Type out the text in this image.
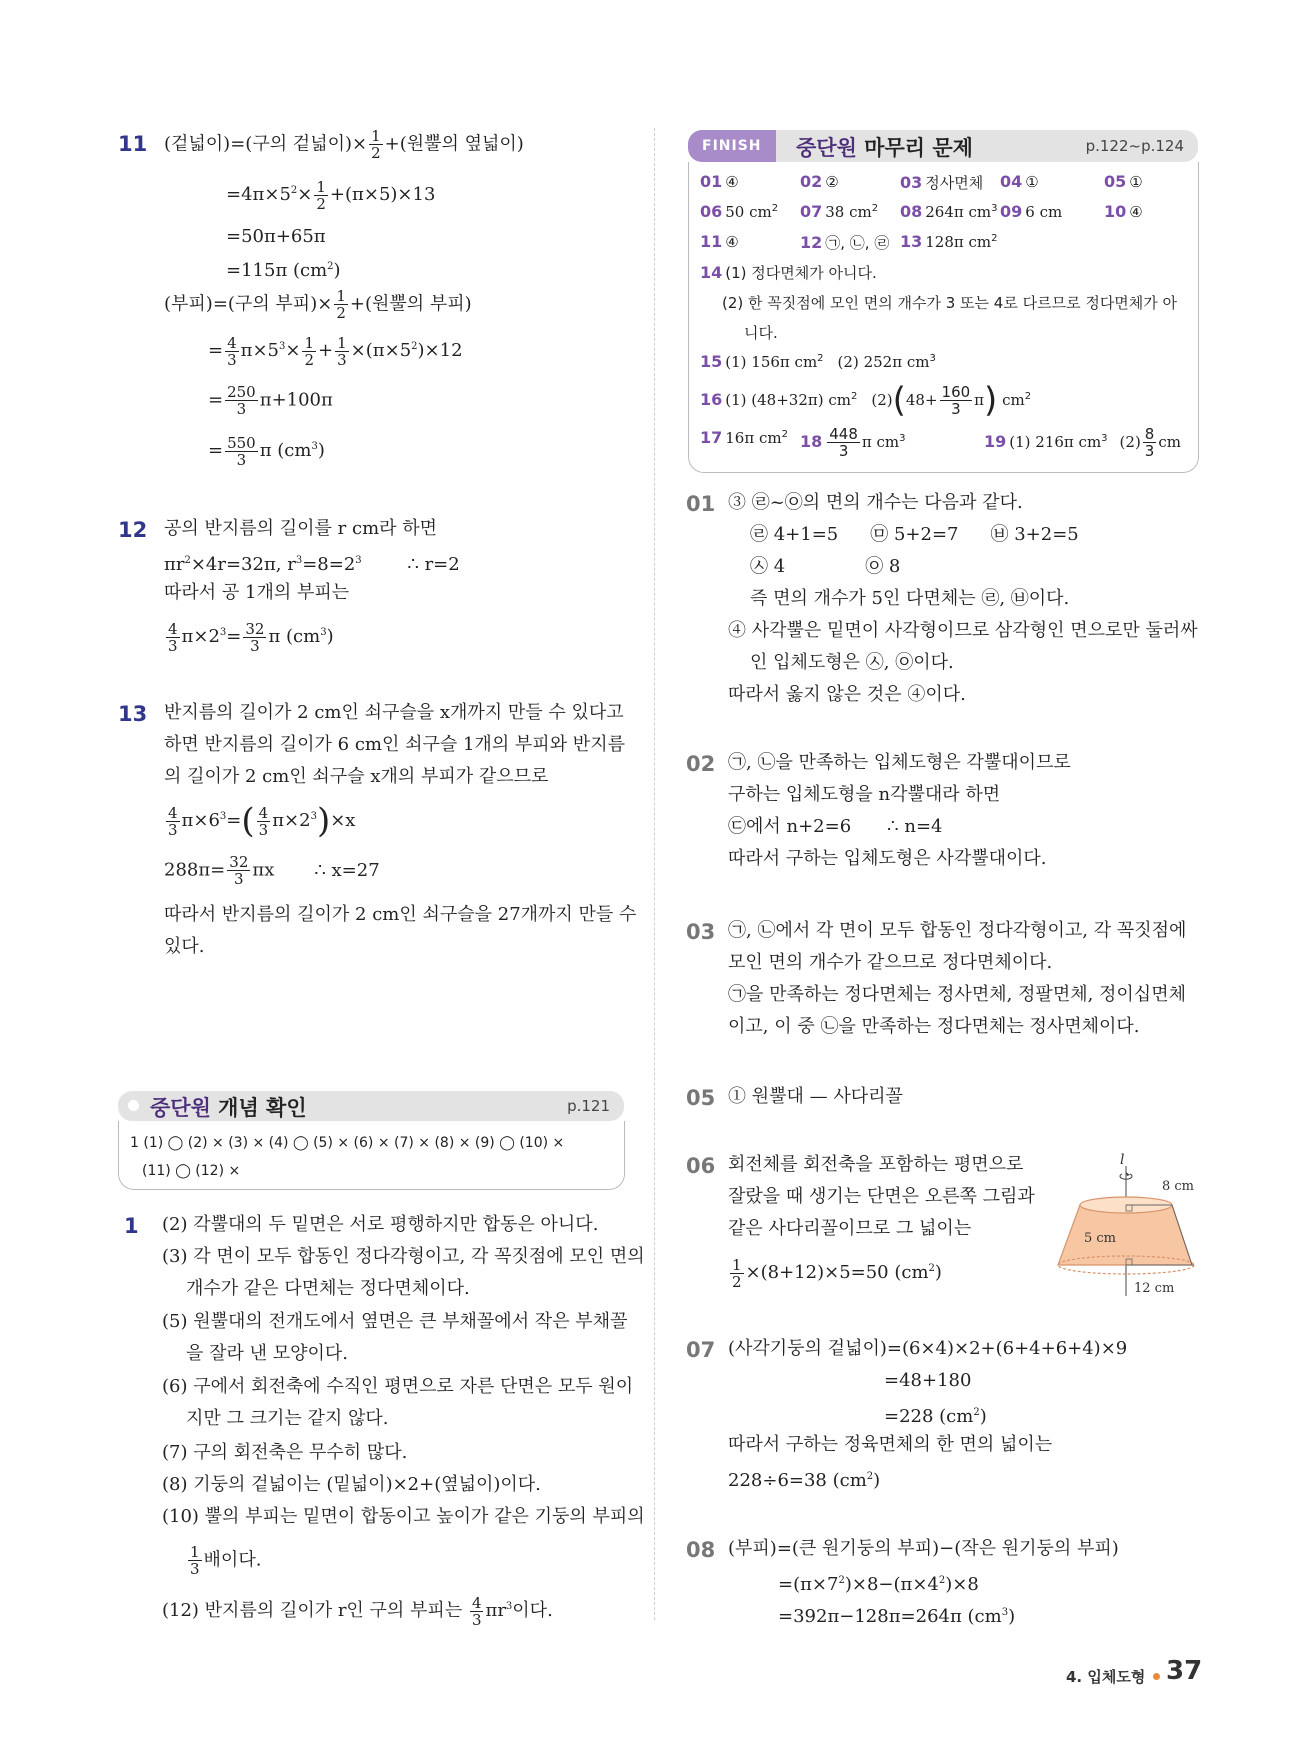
11 (겉넓이)=(구의 겉넓이)× $\frac{1}{2}$ +(원뿔의 옆넓이)
$=4\pi\times 5^2\times \frac{1}{2} +(\pi\times 5)\times 13$
=50π+65π
=115π $(cm^2)$
(부피)=(구의 부피)× $\frac{1}{2}$ +(원뿔의 부피)
= $\frac{4}{3} \pi\times 5^3\times \frac{1}{2} + \frac{1}{3} \times(\pi\times 5^2)\times 12$
= $\frac{250}{3} \pi+100\pi$
= $\frac{550}{3}$ π $(cm^3)$
12 공의 반지름의 길이를 r cm라 하면
$\pi r^2\times 4r=32\pi$, $r^3=8=2^3$	∴ r=2
따라서 공 1개의 부피는
$\frac{4}{3} \pi\times 2^3= \frac{32}{3}$ π $(cm^3)$
13 반지름의 길이가 2 cm인 쇠구슬을 x개까지 만들 수 있다고
하면 반지름의 길이가 6 cm인 쇠구슬 1개의 부피와 반지름
의 길이가 2 cm인 쇠구슬 x개의 부피가 같으므로
$\frac{4}{3} \pi\times 6^3=( \frac{4}{3} \pi\times 2^3)\times x$
$288\pi= \frac{32}{3}$ πx ∴ x=27
따라서 반지름의 길이가 2 cm인 쇠구슬을 27개까지 만들 수
있다.
중단원 개념 확인	p.121
1 (1) ◯ (2) × (3) × (4) ◯ (5) × (6) × (7) × (8) × (9) ◯ (10) ×
(11) ◯ (12) ×
1 (2) 각뿔대의 두 밑면은 서로 평행하지만 합동은 아니다.
(3) 각 면이 모두 합동인 정다각형이고, 각 꼭짓점에 모인 면의
개수가 같은 다면체는 정다면체이다.
(5) 원뿔대의 전개도에서 옆면은 큰 부채꼴에서 작은 부채꼴
을 잘라 낸 모양이다.
(6) 구에서 회전축에 수직인 평면으로 자른 단면은 모두 원이
지만 그 크기는 같지 않다.
(7) 구의 회전축은 무수히 많다.
(8) 기둥의 겉넓이는 (밑넓이)×2+(옆넓이)이다.
(10) 뿔의 부피는 밑면이 합동이고 높이가 같은 기둥의 부피의
$\frac{1}{3}$ 배이다.
(12) 반지름의 길이가 r인 구의 부피는 $\frac{4}{3} \pi r^3$이다.
FINISH	중단원 마무리 문제	p.122~p.124
01 ④	02 ②	03 정사면체 04 ①	05 ①
06 50 $cm^2$ 07 38 $cm^2$ 08 264π $cm^3$ 09 6 cm	10 ④
11 ④	12 ㉠, ㉡, ㉣ 13 128π $cm^2$
14 (1) 정다면체가 아니다.
(2) 한 꼭짓점에 모인 면의 개수가 3 또는 4로 다르므로 정다면체가 아
니다.
15 (1) 156π $cm^2$ (2) 252π $cm^3$
16 (1) (48+32π) $cm^2$ $(2)(48+ \frac{160}{3} \pi)$ $cm^2$
17 16π $cm^2$ $18 \frac{448}{3}$ π $cm^3$	19 (1) 216π $cm^3$ $(2) \frac{8}{3}$ cm
01 ③ ㉣~㉧의 면의 개수는 다음과 같다.
㉣ 4+1=5 ㉤ 5+2=7 ㉥ 3+2=5
㉦ 4	㉧ 8
즉 면의 개수가 5인 다면체는 ㉣, ㉥이다.
④ 사각뿔은 밑면이 사각형이므로 삼각형인 면으로만 둘러싸
인 입체도형은 ㉦, ㉧이다.
따라서 옳지 않은 것은 ④이다.
02 ㉠, ㉡을 만족하는 입체도형은 각뿔대이므로
구하는 입체도형을 n각뿔대라 하면
㉢에서 n+2=6 ∴ n=4
따라서 구하는 입체도형은 사각뿔대이다.
03 ㉠, ㉡에서 각 면이 모두 합동인 정다각형이고, 각 꼭짓점에
모인 면의 개수가 같으므로 정다면체이다.
㉠을 만족하는 정다면체는 정사면체, 정팔면체, 정이십면체
이고, 이 중 ㉡을 만족하는 정다면체는 정사면체이다.
05 ① 원뿔대 — 사다리꼴
06 회전체를 회전축을 포함하는 평면으로
잘랐을 때 생기는 단면은 오른쪽 그림과
같은 사다리꼴이므로 그 넓이는
$\frac{1}{2} \times(8+12)\times 5=50$ $(cm^2)$
l
8 cm
5 cm
12 cm
07 (사각기둥의 겉넓이)=(6×4)×2+(6+4+6+4)×9
=48+180
=228 $(cm^2)$
따라서 구하는 정육면체의 한 면의 넓이는
228÷6=38 $(cm^2)$
08 (부피)=(큰 원기둥의 부피)−(작은 원기둥의 부피)
$=(\pi\times 7^2)\times 8-(\pi\times 4^2)\times 8$
=392π−128π=264π $(cm^3)$
4. 입체도형 37
